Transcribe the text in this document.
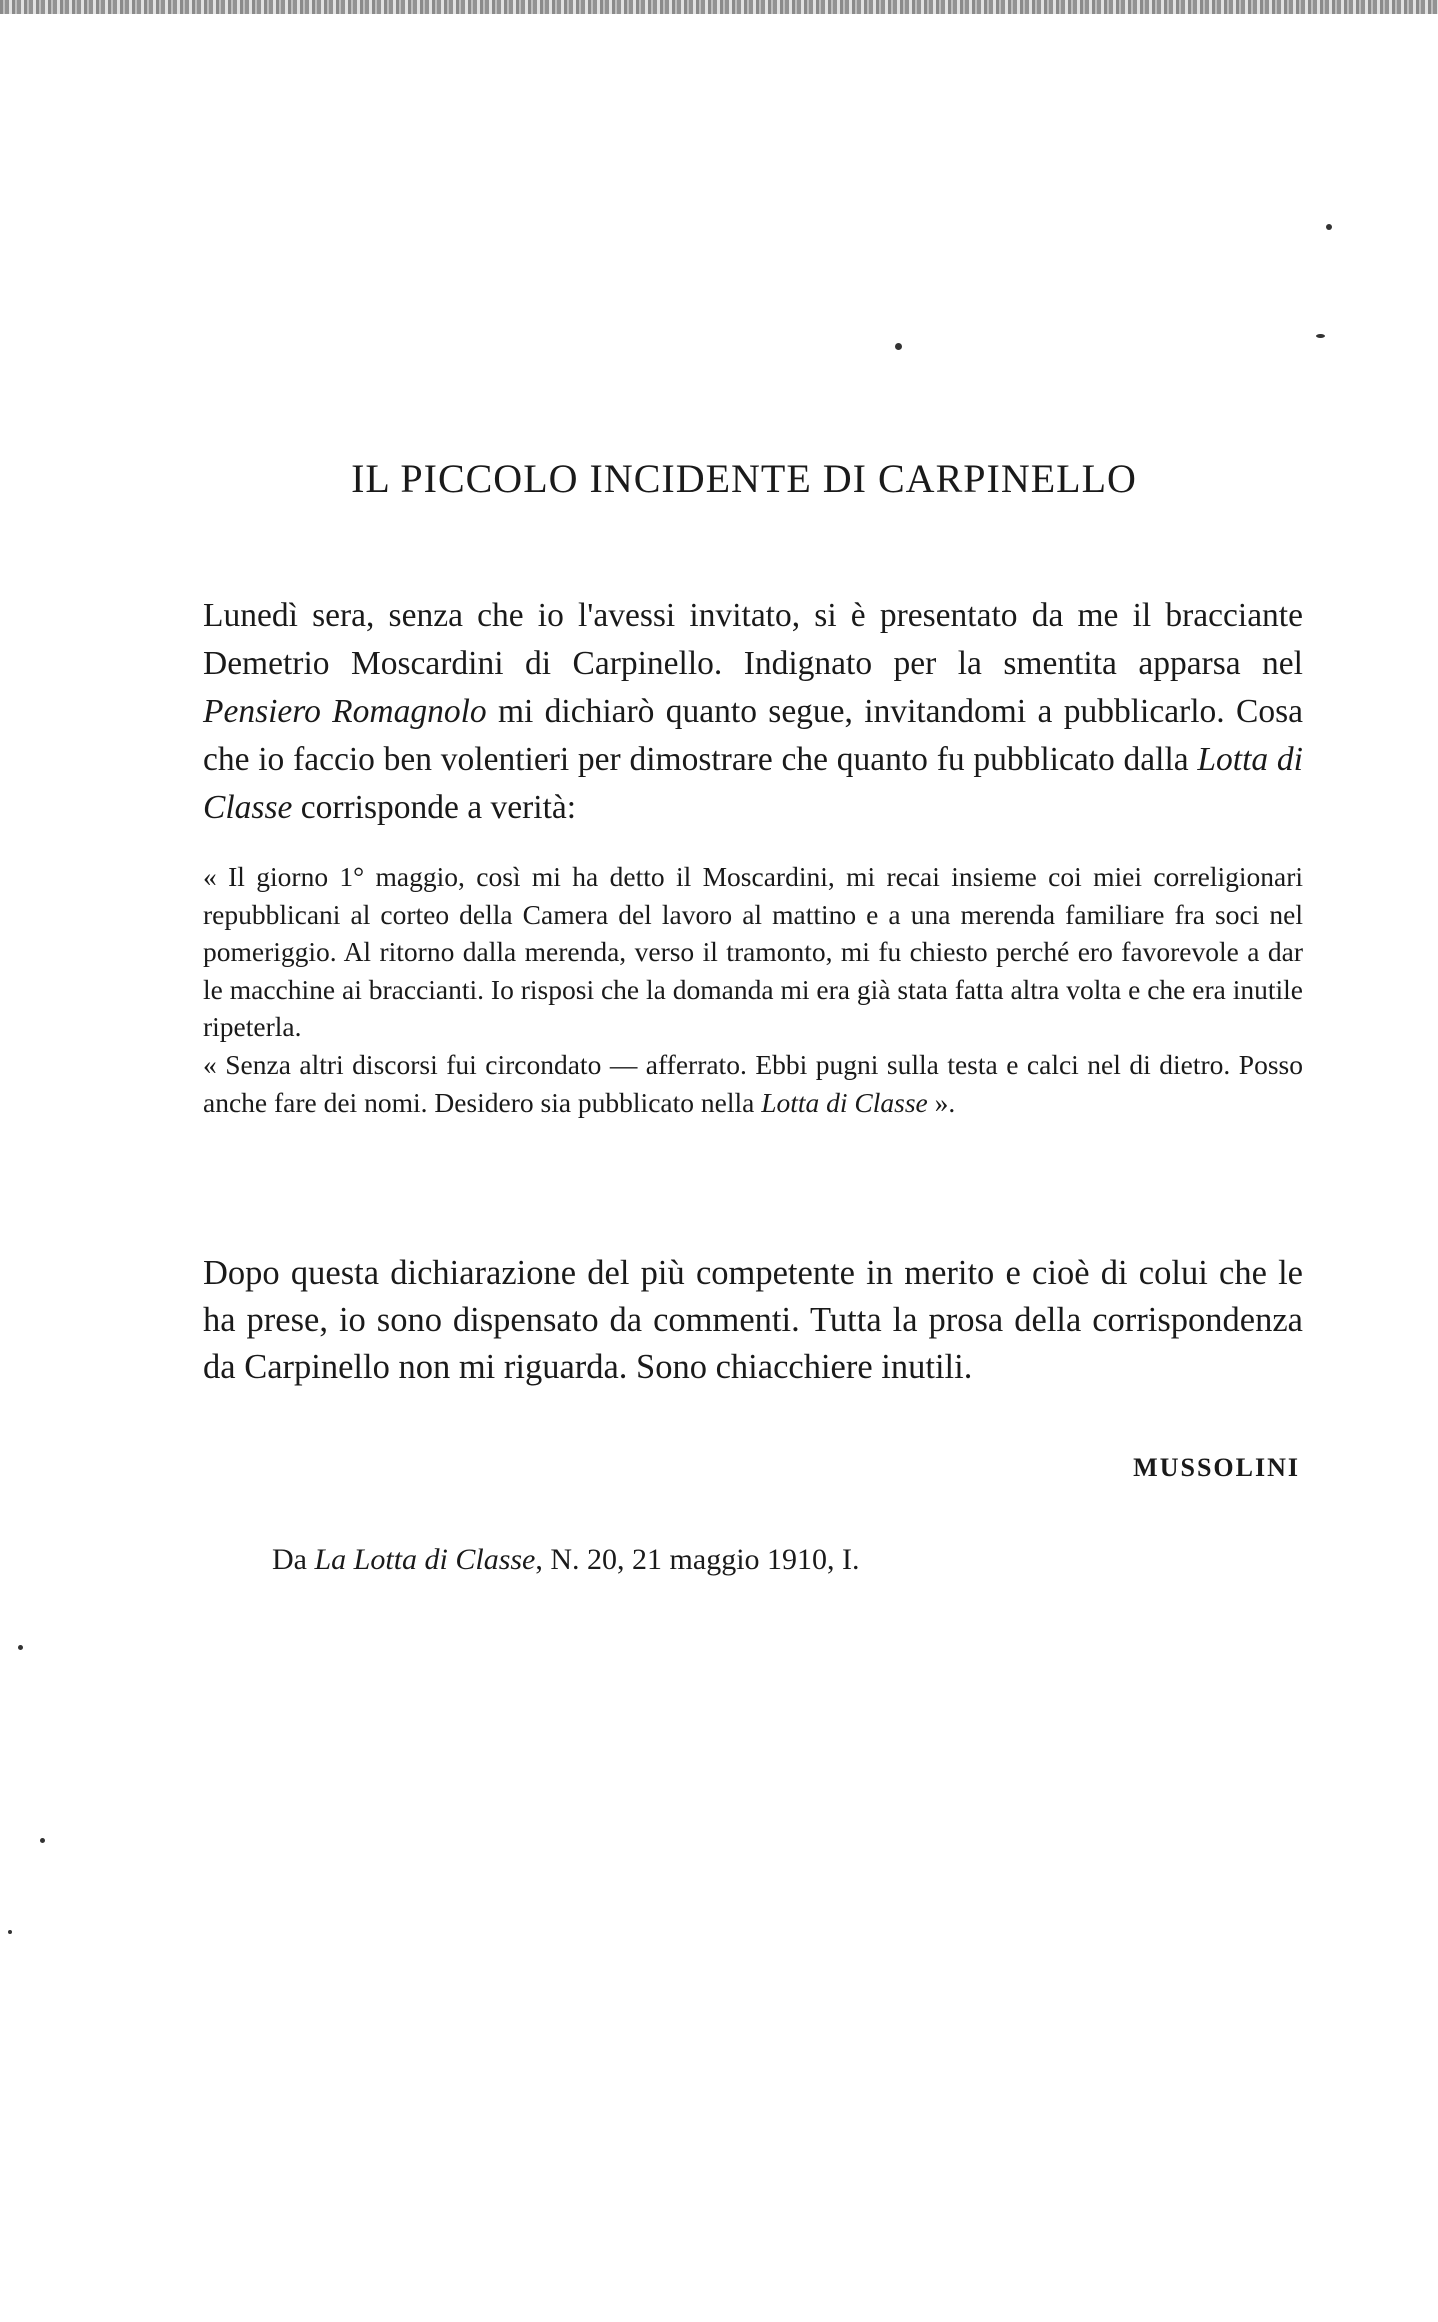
IL PICCOLO INCIDENTE DI CARPINELLO

Lunedì sera, senza che io l'avessi invitato, si è presentato da me il bracciante Demetrio Moscardini di Carpinello. Indignato per la smentita apparsa nel Pensiero Romagnolo mi dichiarò quanto segue, invitandomi a pubblicarlo. Cosa che io faccio ben volentieri per dimostrare che quanto fu pubblicato dalla Lotta di Classe corrisponde a verità:

« Il giorno 1° maggio, così mi ha detto il Moscardini, mi recai insieme coi miei correligionari repubblicani al corteo della Camera del lavoro al mattino e a una merenda familiare fra soci nel pomeriggio. Al ritorno dalla merenda, verso il tramonto, mi fu chiesto perché ero favorevole a dar le macchine ai braccianti. Io risposi che la domanda mi era già stata fatta altra volta e che era inutile ripeterla.

« Senza altri discorsi fui circondato — afferrato. Ebbi pugni sulla testa e calci nel di dietro. Posso anche fare dei nomi. Desidero sia pubblicato nella Lotta di Classe ».

Dopo questa dichiarazione del più competente in merito e cioè di colui che le ha prese, io sono dispensato da commenti. Tutta la prosa della corrispondenza da Carpinello non mi riguarda. Sono chiacchiere inutili.

MUSSOLINI
Da La Lotta di Classe, N. 20, 21 maggio 1910, I.
